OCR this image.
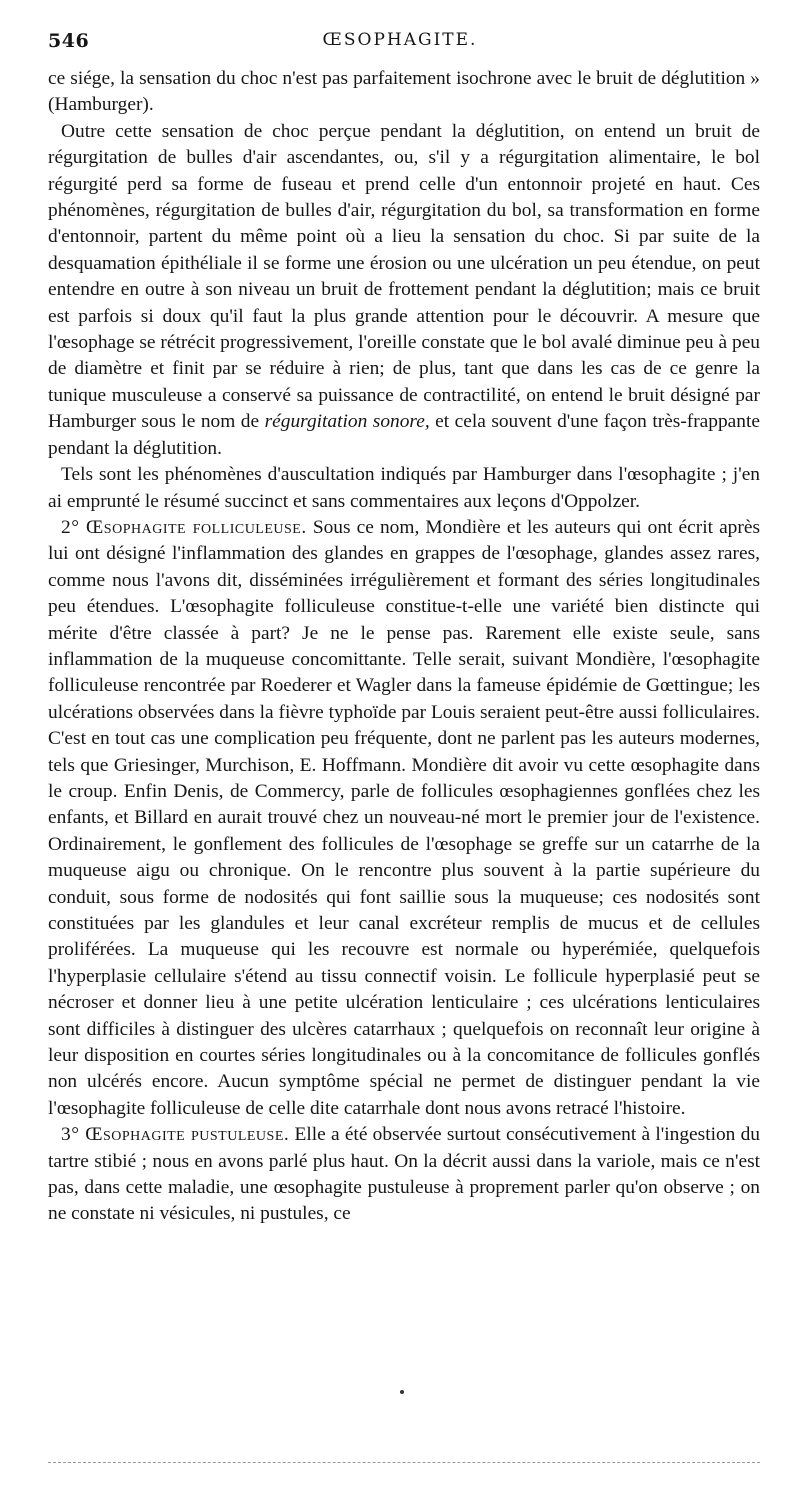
546	ŒSOPHAGITE.

ce siége, la sensation du choc n'est pas parfaitement isochrone avec le bruit de déglutition » (Hamburger).

Outre cette sensation de choc perçue pendant la déglutition, on entend un bruit de régurgitation de bulles d'air ascendantes, ou, s'il y a régurgitation alimentaire, le bol régurgité perd sa forme de fuseau et prend celle d'un entonnoir projeté en haut. Ces phénomènes, régurgitation de bulles d'air, régurgitation du bol, sa transformation en forme d'entonnoir, partent du même point où a lieu la sensation du choc. Si par suite de la desquamation épithéliale il se forme une érosion ou une ulcération un peu étendue, on peut entendre en outre à son niveau un bruit de frottement pendant la déglutition; mais ce bruit est parfois si doux qu'il faut la plus grande attention pour le découvrir. A mesure que l'œsophage se rétrécit progressivement, l'oreille constate que le bol avalé diminue peu à peu de diamètre et finit par se réduire à rien; de plus, tant que dans les cas de ce genre la tunique musculeuse a conservé sa puissance de contractilité, on entend le bruit désigné par Hamburger sous le nom de régurgitation sonore, et cela souvent d'une façon très-frappante pendant la déglutition.

Tels sont les phénomènes d'auscultation indiqués par Hamburger dans l'œsophagite ; j'en ai emprunté le résumé succinct et sans commentaires aux leçons d'Oppolzer.

2° Œsophagite folliculeuse. Sous ce nom, Mondière et les auteurs qui ont écrit après lui ont désigné l'inflammation des glandes en grappes de l'œsophage, glandes assez rares, comme nous l'avons dit, disséminées irrégulièrement et formant des séries longitudinales peu étendues. L'œsophagite folliculeuse constitue-t-elle une variété bien distincte qui mérite d'être classée à part? Je ne le pense pas. Rarement elle existe seule, sans inflammation de la muqueuse concomittante. Telle serait, suivant Mondière, l'œsophagite folliculeuse rencontrée par Roederer et Wagler dans la fameuse épidémie de Gœttingue; les ulcérations observées dans la fièvre typhoïde par Louis seraient peut-être aussi folliculaires. C'est en tout cas une complication peu fréquente, dont ne parlent pas les auteurs modernes, tels que Griesinger, Murchison, E. Hoffmann. Mondière dit avoir vu cette œsophagite dans le croup. Enfin Denis, de Commercy, parle de follicules œsophagiennes gonflées chez les enfants, et Billard en aurait trouvé chez un nouveau-né mort le premier jour de l'existence. Ordinairement, le gonflement des follicules de l'œsophage se greffe sur un catarrhe de la muqueuse aigu ou chronique. On le rencontre plus souvent à la partie supérieure du conduit, sous forme de nodosités qui font saillie sous la muqueuse; ces nodosités sont constituées par les glandules et leur canal excréteur remplis de mucus et de cellules proliférées. La muqueuse qui les recouvre est normale ou hyperémiée, quelquefois l'hyperplasie cellulaire s'étend au tissu connectif voisin. Le follicule hyperplasié peut se nécroser et donner lieu à une petite ulcération lenticulaire ; ces ulcérations lenticulaires sont difficiles à distinguer des ulcères catarrhaux ; quelquefois on reconnaît leur origine à leur disposition en courtes séries longitudinales ou à la concomitance de follicules gonflés non ulcérés encore. Aucun symptôme spécial ne permet de distinguer pendant la vie l'œsophagite folliculeuse de celle dite catarrhale dont nous avons retracé l'histoire.

3° Œsophagite pustuleuse. Elle a été observée surtout consécutivement à l'ingestion du tartre stibié ; nous en avons parlé plus haut. On la décrit aussi dans la variole, mais ce n'est pas, dans cette maladie, une œsophagite pustuleuse à proprement parler qu'on observe ; on ne constate ni vésicules, ni pustules, ce
